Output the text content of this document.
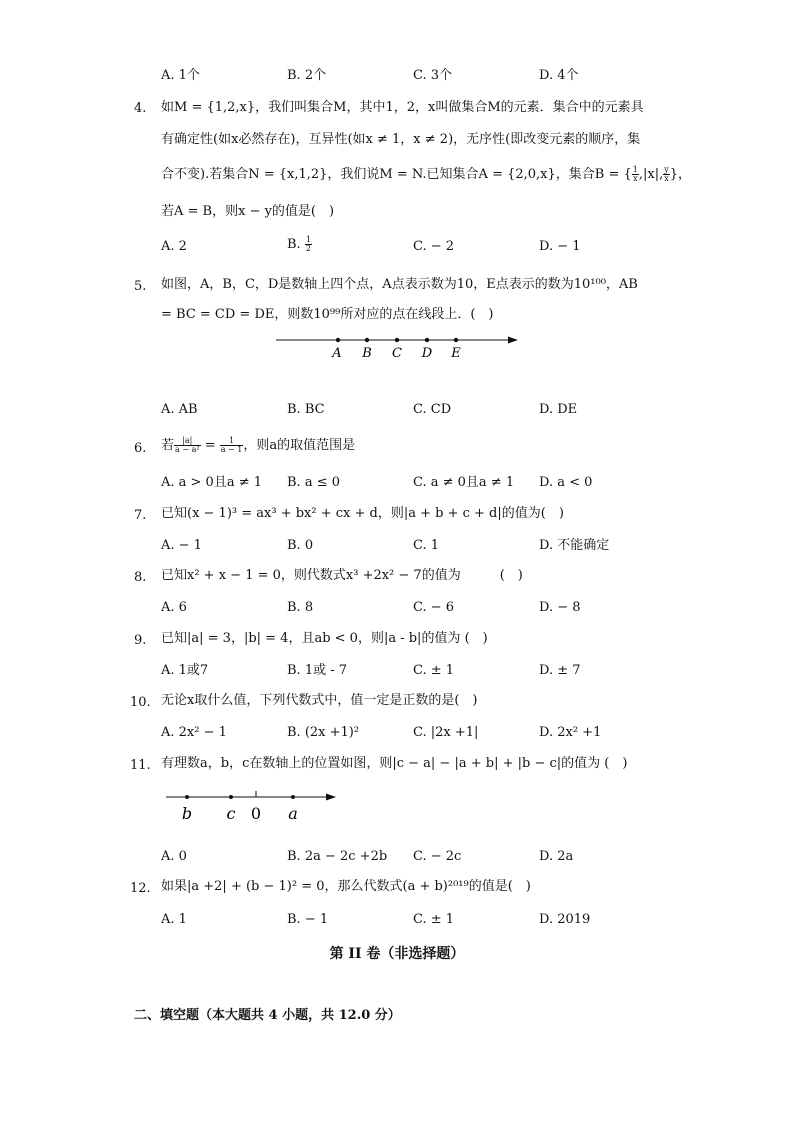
A. 1个	B. 2个	C. 3个	D. 4个
4. 如M = {1,2,x}，我们叫集合M，其中1，2，x叫做集合M的元素．集合中的元素具
有确定性(如x必然存在)，互异性(如x ≠ 1，x ≠ 2)，无序性(即改变元素的顺序，集
合不变).若集合N = {x,1,2}，我们说M = N.已知集合A = {2,0,x}，集合B = { $\frac{1}{x} ,|x|$, $\frac{y}{x}$ }，
若A = B，则x − y的值是(　)
A. 2	B. $\frac{1}{2}$	C. − 2	D. − 1
5. 如图，A，B，C，D是数轴上四个点，A点表示数为10，E点表示的数为10¹⁰⁰，AB
= BC = CD = DE，则数10⁹⁹所对应的点在线段上．(　)
A B C D E
A. AB	B. BC	C. CD	D. DE
6. 若 $\frac{|a|}{\text{a − a²}} = \frac{1}{a - 1}$ ，则a的取值范围是
A. a > 0且a ≠ 1 B. a ≤ 0	C. a ≠ 0且a ≠ 1 D. a < 0
7. 已知(x − 1)³ = ax³ + bx² + cx + d，则|a + b + c + d|的值为(　)
A. − 1	B. 0	C. 1	D. 不能确定
8. 已知x² + x − 1 = 0，则代数式x³ +2x² − 7的值为　　　(　)
A. 6	B. 8	C. − 6	D. − 8
9. 已知|a| = 3，|b| = 4，且ab < 0，则|a - b|的值为 (　)
A. 1或7	B. 1或 - 7	C. ± 1	D. ± 7
10. 无论x取什么值，下列代数式中，值一定是正数的是(　)
A. 2x² − 1	B. (2x +1)²	C. |2x +1|	D. 2x² +1
11. 有理数a，b，c在数轴上的位置如图，则|c − a| − |a + b| + |b − c|的值为 (　)
b c 0 a
A. 0	B. 2a − 2c +2b C. − 2c	D. 2a
12. 如果|a +2| + (b − 1)² = 0，那么代数式(a + b)²⁰¹⁹的值是(　)
A. 1	B. − 1	C. ± 1	D. 2019
第 II 卷（非选择题）
二、填空题（本大题共 4 小题，共 12.0 分）
